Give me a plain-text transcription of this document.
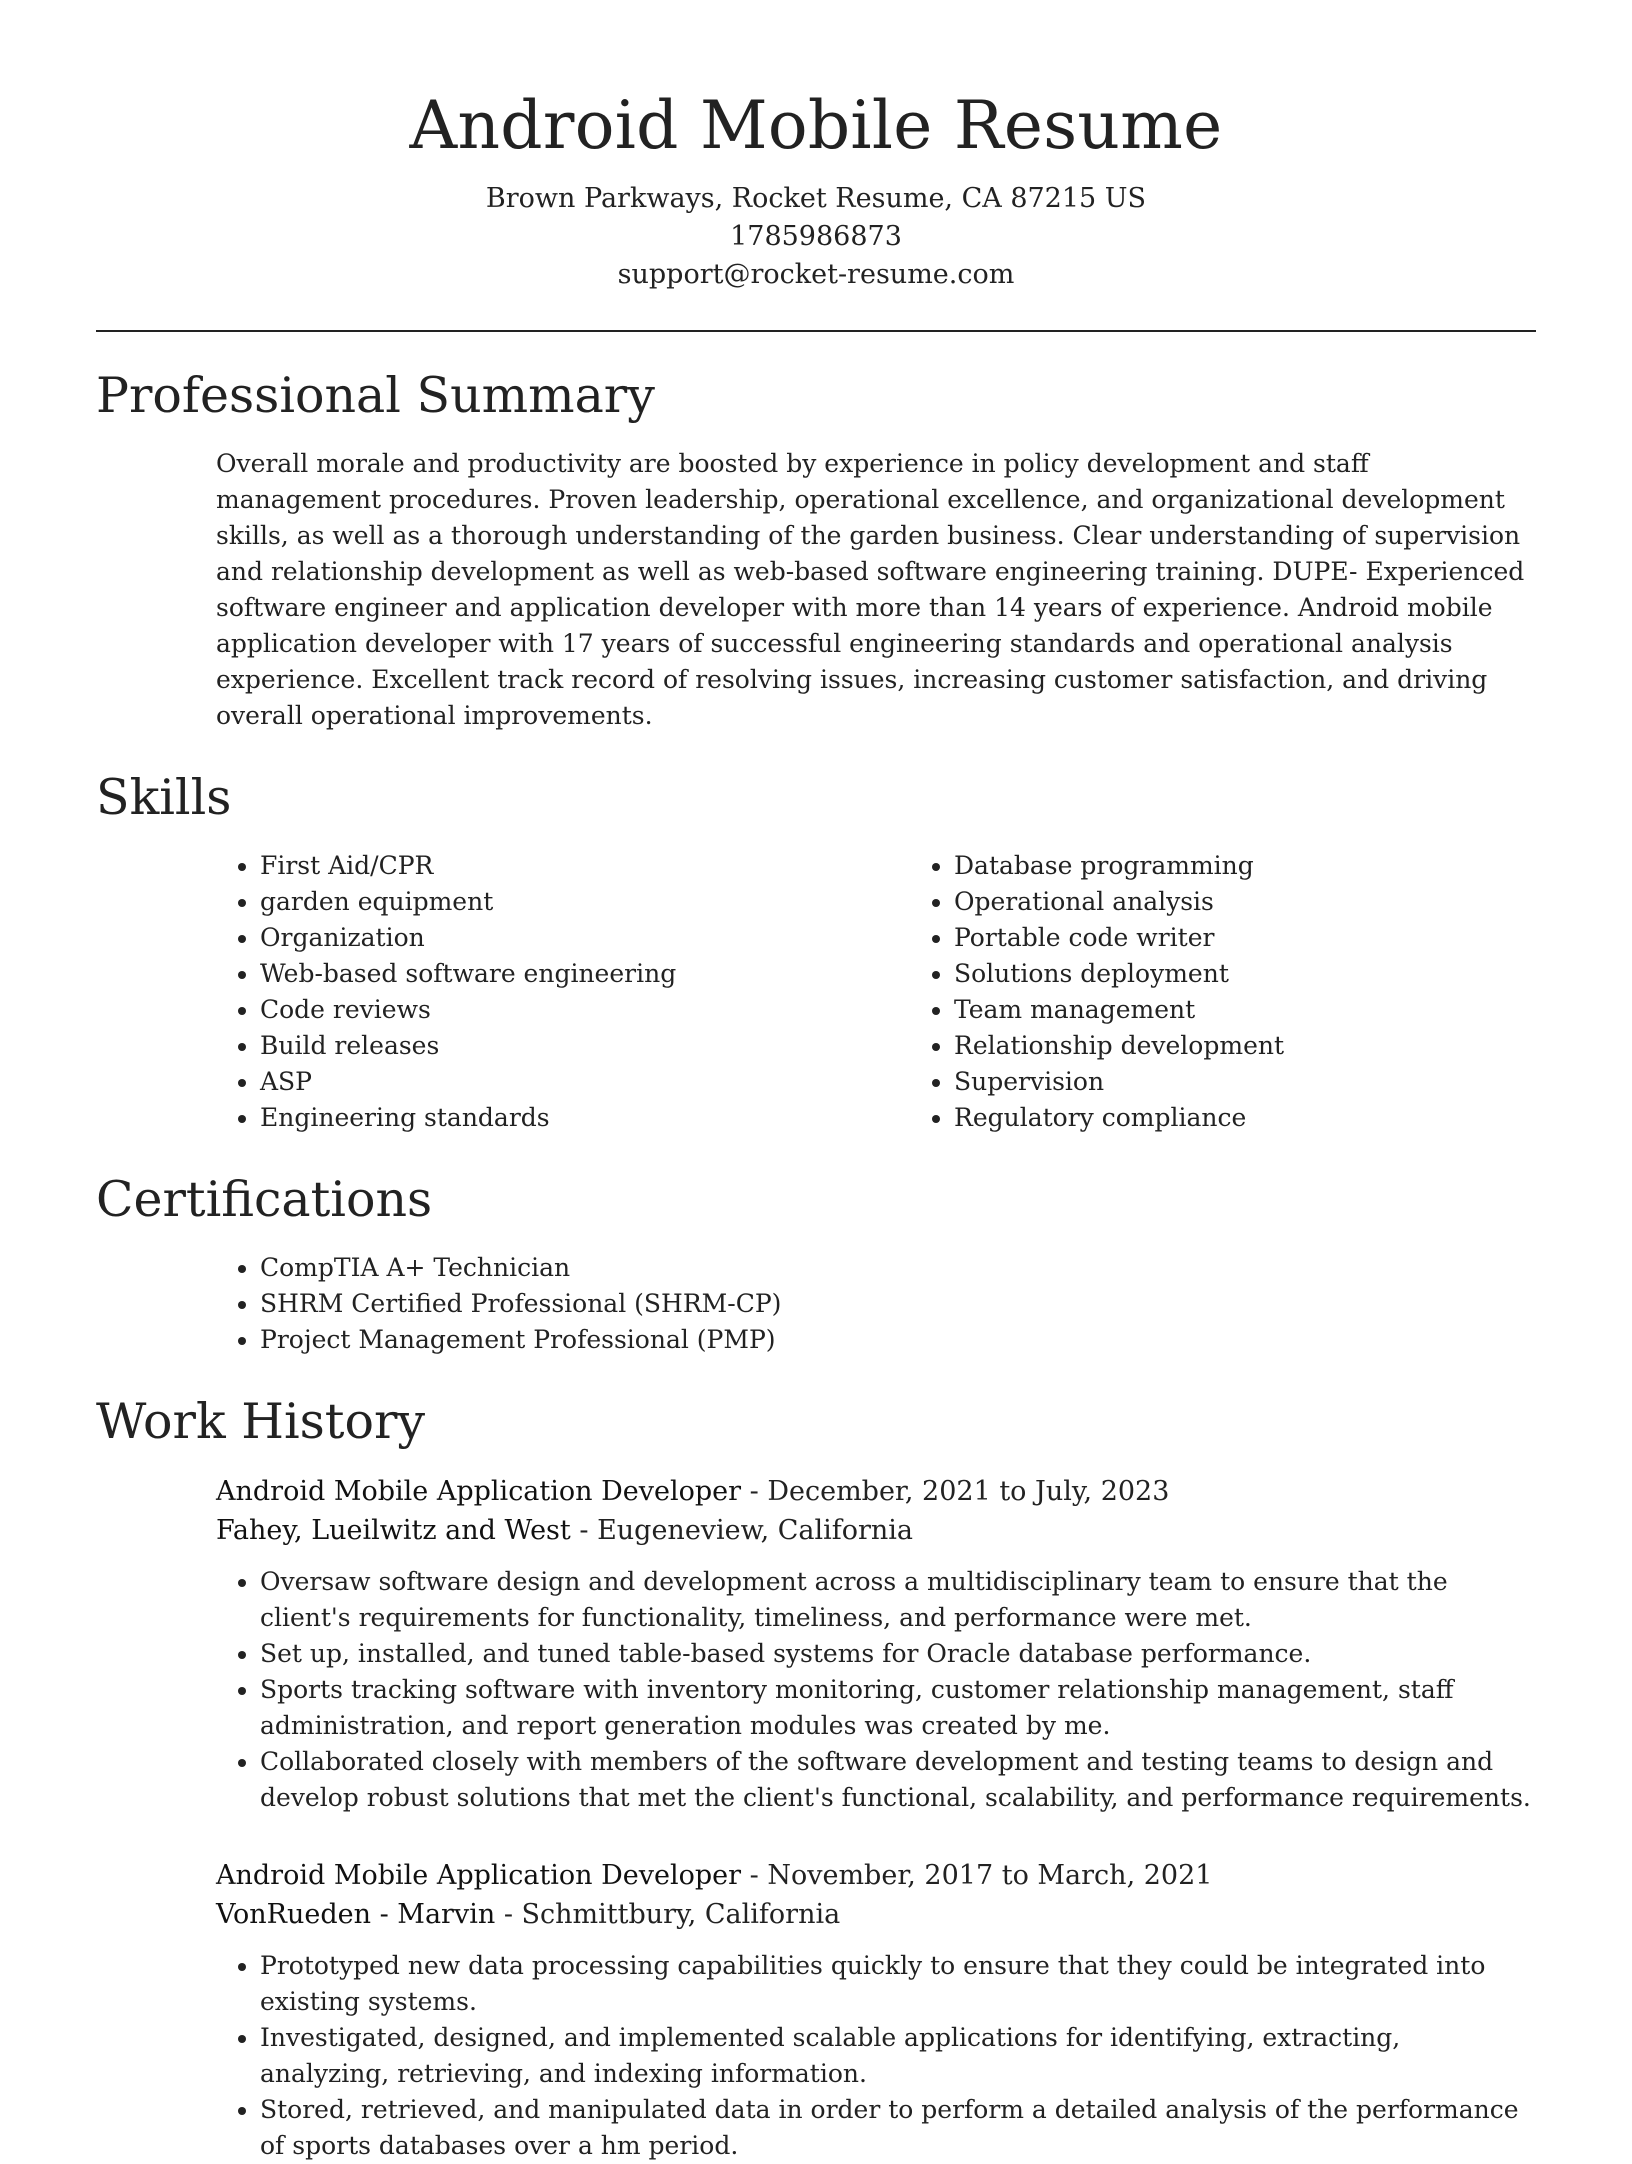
Android Mobile Resume
Brown Parkways, Rocket Resume, CA 87215 US
1785986873
support@rocket-resume.com
Professional Summary

Overall morale and productivity are boosted by experience in policy development and staff management procedures. Proven leadership, operational excellence, and organizational development skills, as well as a thorough understanding of the garden business. Clear understanding of supervision and relationship development as well as web-based software engineering training. DUPE- Experienced software engineer and application developer with more than 14 years of experience. Android mobile application developer with 17 years of successful engineering standards and operational analysis experience. Excellent track record of resolving issues, increasing customer satisfaction, and driving overall operational improvements.

Skills
• First Aid/CPR
• garden equipment
• Organization
• Web-based software engineering
• Code reviews
• Build releases
• ASP
• Engineering standards
• Database programming
• Operational analysis
• Portable code writer
• Solutions deployment
• Team management
• Relationship development
• Supervision
• Regulatory compliance
Certifications
• CompTIA A+ Technician
• SHRM Certified Professional (SHRM-CP)
• Project Management Professional (PMP)
Work History
Android Mobile Application Developer - December, 2021 to July, 2023
Fahey, Lueilwitz and West - Eugeneview, California
• Oversaw software design and development across a multidisciplinary team to ensure that the client's requirements for functionality, timeliness, and performance were met.
• Set up, installed, and tuned table-based systems for Oracle database performance.
• Sports tracking software with inventory monitoring, customer relationship management, staff administration, and report generation modules was created by me.
• Collaborated closely with members of the software development and testing teams to design and develop robust solutions that met the client's functional, scalability, and performance requirements.
Android Mobile Application Developer - November, 2017 to March, 2021
VonRueden - Marvin - Schmittbury, California
• Prototyped new data processing capabilities quickly to ensure that they could be integrated into existing systems.
• Investigated, designed, and implemented scalable applications for identifying, extracting, analyzing, retrieving, and indexing information.
• Stored, retrieved, and manipulated data in order to perform a detailed analysis of the performance of sports databases over a hm period.
